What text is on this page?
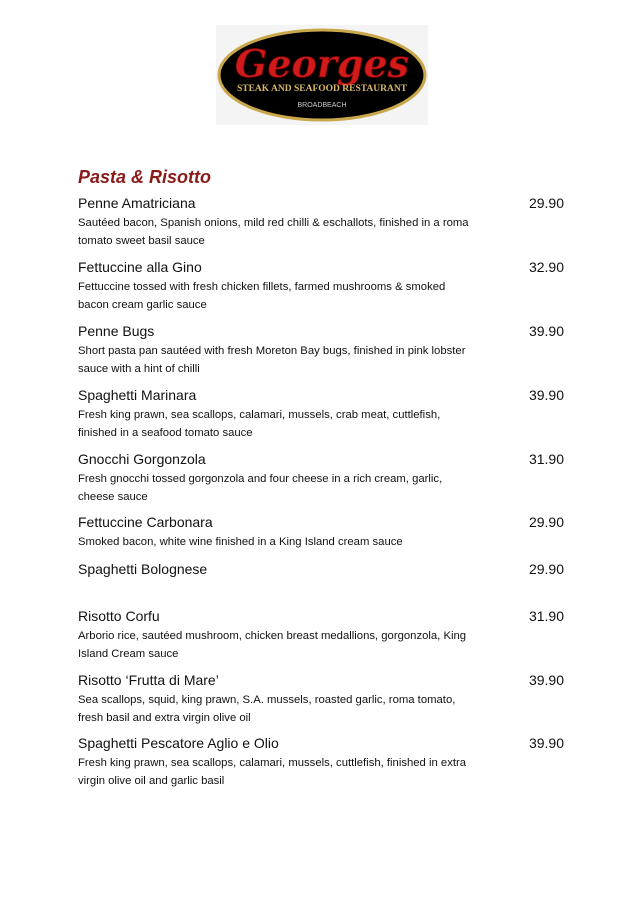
Georges
STEAK AND SEAFOOD RESTAURANT
BROADBEACH
Pasta & Risotto
Penne Amatriciana
Sautéed bacon, Spanish onions, mild red chilli & eschallots, finished in a roma tomato sweet basil sauce
29.90
Fettuccine alla Gino
Fettuccine tossed with fresh chicken fillets, farmed mushrooms & smoked bacon cream garlic sauce
32.90
Penne Bugs
Short pasta pan sautéed with fresh Moreton Bay bugs, finished in pink lobster sauce with a hint of chilli
39.90
Spaghetti Marinara
Fresh king prawn, sea scallops, calamari, mussels, crab meat, cuttlefish, finished in a seafood tomato sauce
39.90
Gnocchi Gorgonzola
Fresh gnocchi tossed gorgonzola and four cheese in a rich cream, garlic, cheese sauce
31.90
Fettuccine Carbonara
Smoked bacon, white wine finished in a King Island cream sauce
29.90
Spaghetti Bolognese	29.90
Risotto Corfu
Arborio rice, sautéed mushroom, chicken breast medallions, gorgonzola, King Island Cream sauce
31.90
Risotto ‘Frutta di Mare’
Sea scallops, squid, king prawn, S.A. mussels, roasted garlic, roma tomato, fresh basil and extra virgin olive oil
39.90
Spaghetti Pescatore Aglio e Olio
Fresh king prawn, sea scallops, calamari, mussels, cuttlefish, finished in extra virgin olive oil and garlic basil
39.90
